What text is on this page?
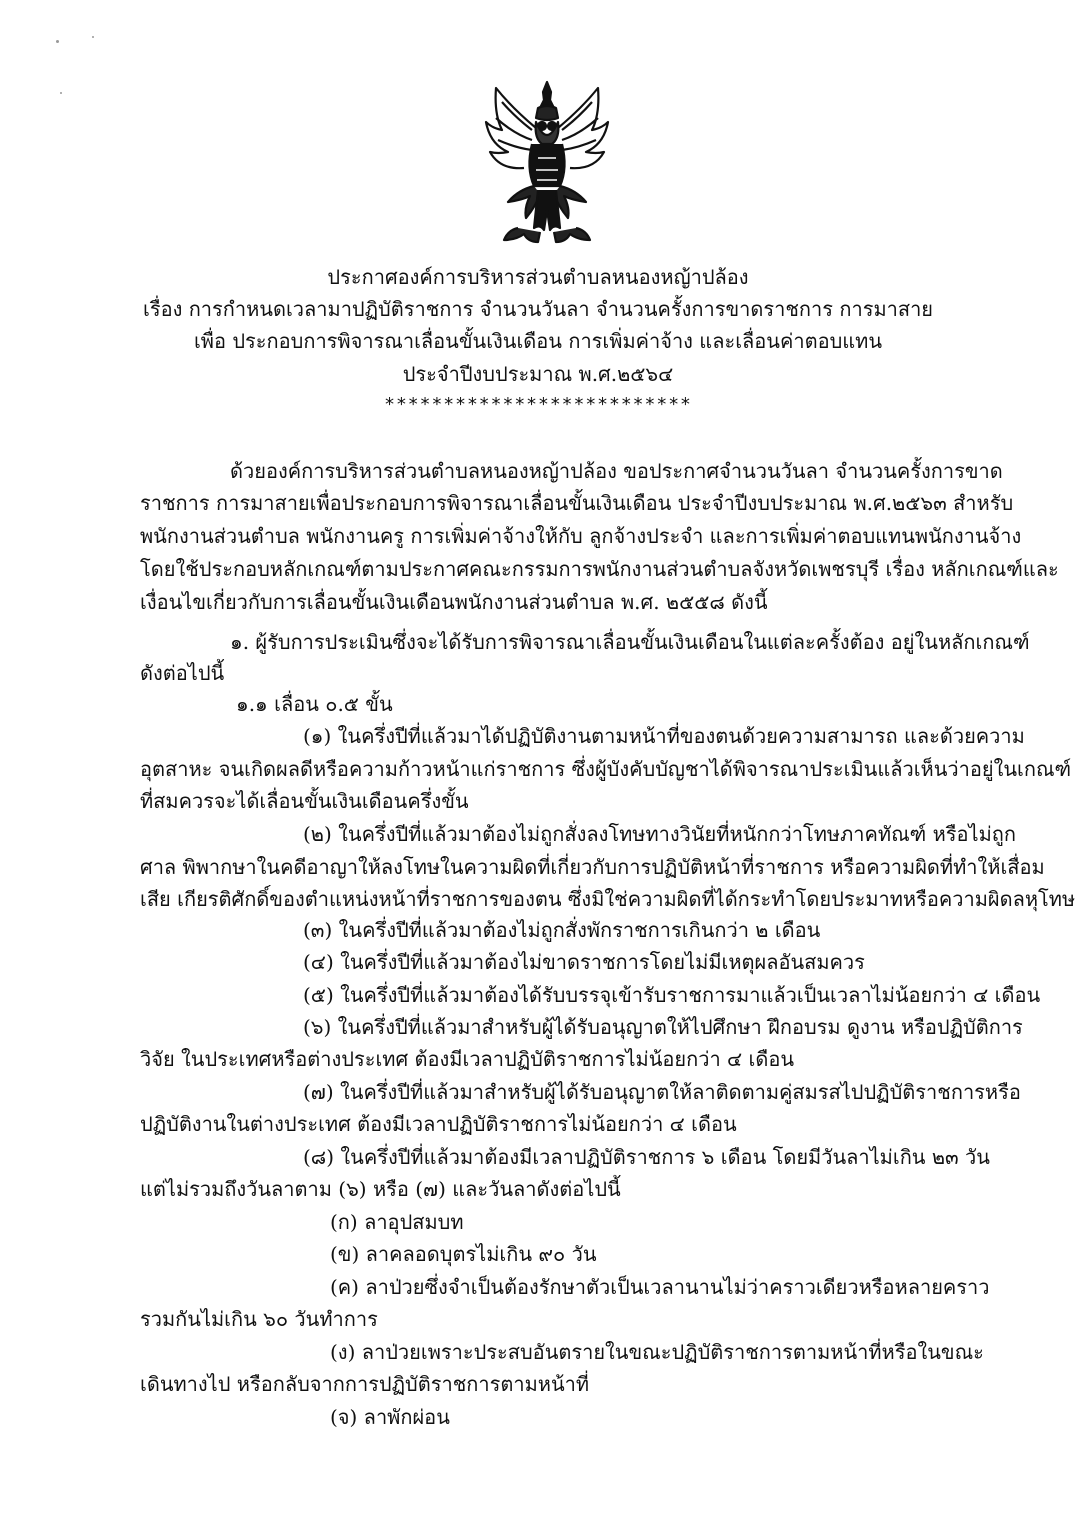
ประกาศองค์การบริหารส่วนตำบลหนองหญ้าปล้อง
เรื่อง การกำหนดเวลามาปฏิบัติราชการ จำนวนวันลา จำนวนครั้งการขาดราชการ การมาสาย
เพื่อ ประกอบการพิจารณาเลื่อนขั้นเงินเดือน การเพิ่มค่าจ้าง และเลื่อนค่าตอบแทน
ประจำปีงบประมาณ พ.ศ.๒๕๖๔
**************************
ด้วยองค์การบริหารส่วนตำบลหนองหญ้าปล้อง ขอประกาศจำนวนวันลา จำนวนครั้งการขาด
ราชการ การมาสายเพื่อประกอบการพิจารณาเลื่อนขั้นเงินเดือน ประจำปีงบประมาณ พ.ศ.๒๕๖๓ สำหรับ
พนักงานส่วนตำบล พนักงานครู การเพิ่มค่าจ้างให้กับ ลูกจ้างประจำ และการเพิ่มค่าตอบแทนพนักงานจ้าง
โดยใช้ประกอบหลักเกณฑ์ตามประกาศคณะกรรมการพนักงานส่วนตำบลจังหวัดเพชรบุรี เรื่อง หลักเกณฑ์และ
เงื่อนไขเกี่ยวกับการเลื่อนขั้นเงินเดือนพนักงานส่วนตำบล พ.ศ. ๒๕๕๘ ดังนี้
๑. ผู้รับการประเมินซึ่งจะได้รับการพิจารณาเลื่อนขั้นเงินเดือนในแต่ละครั้งต้อง อยู่ในหลักเกณฑ์
ดังต่อไปนี้
๑.๑ เลื่อน ๐.๕ ขั้น
(๑) ในครึ่งปีที่แล้วมาได้ปฏิบัติงานตามหน้าที่ของตนด้วยความสามารถ และด้วยความ
อุตสาหะ จนเกิดผลดีหรือความก้าวหน้าแก่ราชการ ซึ่งผู้บังคับบัญชาได้พิจารณาประเมินแล้วเห็นว่าอยู่ในเกณฑ์
ที่สมควรจะได้เลื่อนขั้นเงินเดือนครึ่งขั้น
(๒) ในครึ่งปีที่แล้วมาต้องไม่ถูกสั่งลงโทษทางวินัยที่หนักกว่าโทษภาคทัณฑ์ หรือไม่ถูก
ศาล พิพากษาในคดีอาญาให้ลงโทษในความผิดที่เกี่ยวกับการปฏิบัติหน้าที่ราชการ หรือความผิดที่ทำให้เสื่อม
เสีย เกียรติศักดิ์ของตำแหน่งหน้าที่ราชการของตน ซึ่งมิใช่ความผิดที่ได้กระทำโดยประมาทหรือความผิดลหุโทษ
(๓) ในครึ่งปีที่แล้วมาต้องไม่ถูกสั่งพักราชการเกินกว่า ๒ เดือน
(๔) ในครึ่งปีที่แล้วมาต้องไม่ขาดราชการโดยไม่มีเหตุผลอันสมควร
(๕) ในครึ่งปีที่แล้วมาต้องได้รับบรรจุเข้ารับราชการมาแล้วเป็นเวลาไม่น้อยกว่า ๔ เดือน
(๖) ในครึ่งปีที่แล้วมาสำหรับผู้ได้รับอนุญาตให้ไปศึกษา ฝึกอบรม ดูงาน หรือปฏิบัติการ
วิจัย ในประเทศหรือต่างประเทศ ต้องมีเวลาปฏิบัติราชการไม่น้อยกว่า ๔ เดือน
(๗) ในครึ่งปีที่แล้วมาสำหรับผู้ได้รับอนุญาตให้ลาติดตามคู่สมรสไปปฏิบัติราชการหรือ
ปฏิบัติงานในต่างประเทศ ต้องมีเวลาปฏิบัติราชการไม่น้อยกว่า ๔ เดือน
(๘) ในครึ่งปีที่แล้วมาต้องมีเวลาปฏิบัติราชการ ๖ เดือน โดยมีวันลาไม่เกิน ๒๓ วัน
แต่ไม่รวมถึงวันลาตาม (๖) หรือ (๗) และวันลาดังต่อไปนี้
(ก) ลาอุปสมบท
(ข) ลาคลอดบุตรไม่เกิน ๙๐ วัน
(ค) ลาป่วยซึ่งจำเป็นต้องรักษาตัวเป็นเวลานานไม่ว่าคราวเดียวหรือหลายคราว
รวมกันไม่เกิน ๖๐ วันทำการ
(ง) ลาป่วยเพราะประสบอันตรายในขณะปฏิบัติราชการตามหน้าที่หรือในขณะ
เดินทางไป หรือกลับจากการปฏิบัติราชการตามหน้าที่
(จ) ลาพักผ่อน
